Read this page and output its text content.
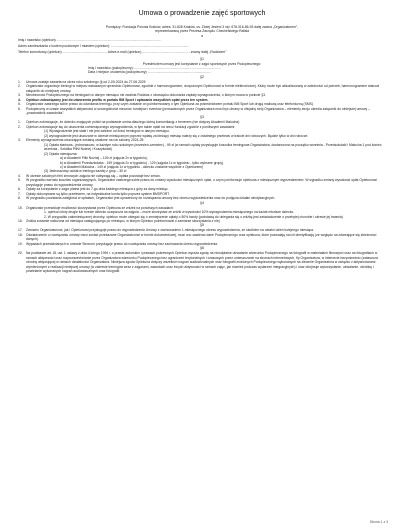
Umowa o prowadzenie zajęć sportowych

Pomiędzy: Fundacja Polonia Kraków, adres: 31-828 Kraków, os. Złotej Jesieni 3 nip: 678-316-86-93 dalej zwana „Organizatorem”,

reprezentowaną przez Prezesa Zarządu: Chechelskiego Rafała

a

Imię i nazwisko (opiekun): ...............................................................................................................

Adres zamieszkania z kodem pocztowym i miastem (opiekun): ....................................................................................

Telefon komórkowy (opiekun): ............................................... Adres e-mail (opiekun).................................................. - zwany dalej „Rodzicem”

§1

Przedmiotem umowy jest korzystanie z zajęć sportowych przez Podopiecznego:

Imię i nazwisko (podopieczny): .............................................................................................

Data i miejsce urodzenia (podopieczny): ...................................................................

§2

1.	Umowa zostaje zawarta na okres roku szkolnego (tj od 2-09-2024 do 27.06.2025
2.	Organizator organizuje treningi w miejscu wskazanym uprzednio Opiekunowi, zgodnie z harmonogramem, doręczonym Opiekunowi w formie elektronicznej. Kluby może być aktualizowany w zależności od potrzeb, harmonogramem stanowi załącznik do niniejszej umowy.
3.	Nieobecność Podopiecznego na treningach w danym miesiącu nie zwalnia Rodzica z obowiązku dokonania zapłaty wynagrodzenia, o którym mowa w punkcie §3.
4.	Opiekun zobowiązany jest do utworzenia profilu w portalu BM Sport i opłacania wszystkich opłat przez ten system.
5.	Organizator zastrzega sobie prawo do odwołania treningu, przy czym zostanie on poinformowany o tym Opiekuna za pośrednictwem portalu BM Sport lub drogą mailową oraz telefoniczną (SMS).
6.	Podopieczny w czasie wszystkich aktywności w szczególności meczów, turniejów i eventów (prowadzonych przez Organizatora musi być ubrany w oficjalny strój Organizatora – elementy stroju określa załącznik do niniejszej umowy – „prawowidnik zawodnika”.
§3
1.	Opiekun zobowiązuje, że dziecko znających polski na podstawie umów.dlaużego dobrą komunikację z trenerem (nie dotyczy Akademii Malucha)
2.	Opiekun zobowiązuje się do uiszczenia comiesięcznego wynagrodzenia, w tym także opłat na rzecz fundacji zgodnie z poniższymi zasadami:
(1) Wynagrodzenie jest stałe i nie jest zależne od ilości treningów w danym miesiącu.
(2) wynagrodzenie jest uiszczane w okresie miesięcznym poprzez wpłatę za bieżący miesiąc należy się z ostatniego przelewu w trakcie dni roboczych. Będzie tylko w dni robocze.
3.	Elementy wynagrodzenia uiszczające zostaną ustalone na rok szkolny 2024-25:
(1) Opłata startowa - jednorazowo, w każdym roku szkolnym (wrzesień-czerwiec) - 99 zł (w ramach opłaty przysługuje koszulka treningowa Organizatora, dostarczona na początku września - Przedszkolaki i Malucha 1 pod koniec września - Szkółka PilNi Nożnej i Koszykówki)
(2) Opłata miesięczna:
a) w Akademii Piłki Nożnej – 109 zł (zajęcia 2x w tygodniu),
b) w Akademii Przedszkolaka - 199 (zajęcia 2x w tygodniu) - 129 (zajęcia 1x w tygodniu - tylko wybrane grupy).
c) w Akademii Malucha - 149 zł (zajęcia 1x w tygodniu - dziecko zostanie wspólnie z Opiekunem)
(3) Jednorazowy udział w treningu każdej z grup – 30 zł
4.	W okresie szkolnych ferii zimowych zajęcia nie odbywają się – opłata pozostaje bez zmian.
5.	W przypadku wzrostu kosztów organizacyjnych, Organizator zastrzega sobie prawo do zmiany wysokości miesięcznych opłat, o czym poinformuje opiekuna z miesięcznym wyprzedzeniem. W wypadku zmiany wysokości opłat Opiekunowi przysługuje prawo do wypowiedzenia umowy.
6.	Opłaty za korzystanie z zajęć płatne jest do 7-go dnia każdego miesiąca z góry za dany miesiąc.
7.	Opłaty dokonywane są tylko przelewem, na indywidualne konta tylko poprzez system BMSPORT.
8.	W przypadku powstania zaległości w opłatach, Organizator jest uprawniony do rozwiązania umowy bez okresu wypowiedzenia oraz do podjęcia działań windykacyjnych.
§4
15. Organizator przewiduje możliwość skorzystania przez Opiekuna ze zniżek na poniższych zasadach:
1. opiekun który drugie lub trzecie dziecko uczęszcza na zajęcia – może skorzystać ze zniżki w wysokości 10% wynagrodzenia miesięcznego na każde młodsze dziecko.
2. W przypadku całomiesięcznej choroby, opiekun może ubiegać się o zmniejszenie opłaty o 50% kwoty (podstawą do ubiegania się o zniżkę jest zaświadczenie o przebytej chorobie i okresie jej trwania)
16. Zniżka zostanie naliczona od miesiąca następującego po miesiącu, w którym Opiekun poinformował o zamiarze skorzystania z niej.

§5

17. Zarówno Organizatorowi, jak i Opiekunowi przysługuje prawo do wypowiedzenia Umowy z zachowaniem 1-miesięcznego okresu wypowiedzenia, ze skutkiem na ostatni dzień kolejnego miesiąca.
18. Oświadczenie o rozwiązaniu umowy musi zostać przekazane Organizatorowi w formie dokumentowej, musi ono zawierać dane Podopiecznego oraz opiekuna, które pozwalają na ich identyfikację (ze względu na zdarzające się zbieżności danych).
19. Wypadach przewidzianych w umowie Stronom przysługuje prawo do rozwiązania umowy bez zachowania okresu wypowiedzenia.

§6

20. Na podstawie art. 81 ust. 1 ustawy z dnia 4 lutego 1994 r. o prawie autorskim i prawach pokrewnych Opiekun wyraża zgodę na nieodpłatne utrwalanie wizerunku Podopiecznego na fotografii w materiałach filmowych oraz na fotografiach w ramach aktywności oraz rozpowszechnianie przez Organizatora wizerunku Podopiecznego bez ograniczeń terytorialnych i czasowych przez umieszczanie na stronach internetowych, fip Organizatora, w internecie bezpośrednio (zwłaszcza obrotny aktywującej w ramach działalności Organizatora. Niniejsza zgoda Opiekuna dotyczy wszelkich nagrań audiowizualnych oraz fotografii zrobionych Podopiecznego wykonanych na zlecenie Organizatora w związku z aktywnościami wymienionymi z realizacji niniejszej umowy (w zakresie treningów wraz z zajęciami, zawodach oraz innych aktywności w ramach zajęć, jak również podczas wydarzeń integracyjnych) i oraz obejmuje wykorzystanie, utrwalanie, obróbkę i powielanie wykonanych nagrań audiowizualnych oraz fotografii.
Strona 1 z 3
